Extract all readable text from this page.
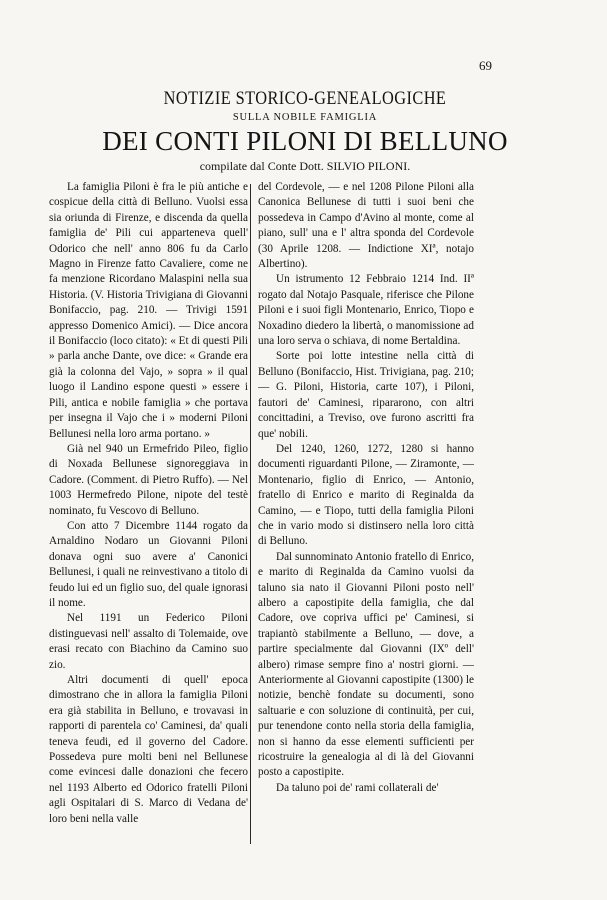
69

NOTIZIE STORICO-GENEALOGICHE

SULLA NOBILE FAMIGLIA

DEI CONTI PILONI DI BELLUNO

compilate dal Conte Dott. SILVIO PILONI.

La famiglia Piloni è fra le più antiche e cospicue della città di Belluno. Vuolsi essa sia oriunda di Firenze, e discenda da quella famiglia de' Pili cui apparteneva quell' Odorico che nell' anno 806 fu da Carlo Magno in Firenze fatto Cavaliere, come ne fa menzione Ricordano Malaspini nella sua Historia. (V. Historia Trivigiana di Giovanni Bonifaccio, pag. 210. — Trivigi 1591 appresso Domenico Amici). — Dice ancora il Bonifaccio (loco citato): « Et di questi Pili » parla anche Dante, ove dice: « Grande era già la colonna del Vajo, » sopra » il qual luogo il Landino espone questi » essere i Pili, antica e nobile famiglia » che portava per insegna il Vajo che i » moderni Piloni Bellunesi nella loro arma portano. »

Già nel 940 un Ermefrido Pileo, figlio di Noxada Bellunese signoreggiava in Cadore. (Comment. di Pietro Ruffo). — Nel 1003 Hermefredo Pilone, nipote del testè nominato, fu Vescovo di Belluno.

Con atto 7 Dicembre 1144 rogato da Arnaldino Nodaro un Giovanni Piloni donava ogni suo avere a' Canonici Bellunesi, i quali ne reinvestivano a titolo di feudo lui ed un figlio suo, del quale ignorasi il nome.

Nel 1191 un Federico Piloni distinguevasi nell' assalto di Tolemaide, ove erasi recato con Biachino da Camino suo zio.

Altri documenti di quell' epoca dimostrano che in allora la famiglia Piloni era già stabilita in Belluno, e trovavasi in rapporti di parentela co' Caminesi, da' quali teneva feudi, ed il governo del Cadore. Possedeva pure molti beni nel Bellunese come evincesi dalle donazioni che fecero nel 1193 Alberto ed Odorico fratelli Piloni agli Ospitalari di S. Marco di Vedana de' loro beni nella valle

del Cordevole, — e nel 1208 Pilone Piloni alla Canonica Bellunese di tutti i suoi beni che possedeva in Campo d'Avino al monte, come al piano, sull' una e l' altra sponda del Cordevole (30 Aprile 1208. — Indictione XIª, notajo Albertino).

Un istrumento 12 Febbraio 1214 Ind. IIª rogato dal Notajo Pasquale, riferisce che Pilone Piloni e i suoi figli Montenario, Enrico, Tiopo e Noxadino diedero la libertà, o manomissione ad una loro serva o schiava, di nome Bertaldina.

Sorte poi lotte intestine nella città di Belluno (Bonifaccio, Hist. Trivigiana, pag. 210; — G. Piloni, Historia, carte 107), i Piloni, fautori de' Caminesi, ripararono, con altri concittadini, a Treviso, ove furono ascritti fra que' nobili.

Del 1240, 1260, 1272, 1280 si hanno documenti riguardanti Pilone, — Ziramonte, — Montenario, figlio di Enrico, — Antonio, fratello di Enrico e marito di Reginalda da Camino, — e Tiopo, tutti della famiglia Piloni che in vario modo si distinsero nella loro città di Belluno.

Dal sunnominato Antonio fratello di Enrico, e marito di Reginalda da Camino vuolsi da taluno sia nato il Giovanni Piloni posto nell' albero a capostipite della famiglia, che dal Cadore, ove copriva uffici pe' Caminesi, si trapiantò stabilmente a Belluno, — dove, a partire specialmente dal Giovanni (IXº dell' albero) rimase sempre fino a' nostri giorni. — Anteriormente al Giovanni capostipite (1300) le notizie, benchè fondate su documenti, sono saltuarie e con soluzione di continuità, per cui, pur tenendone conto nella storia della famiglia, non si hanno da esse elementi sufficienti per ricostruire la genealogia al di là del Giovanni posto a capostipite.

Da taluno poi de' rami collaterali de'
